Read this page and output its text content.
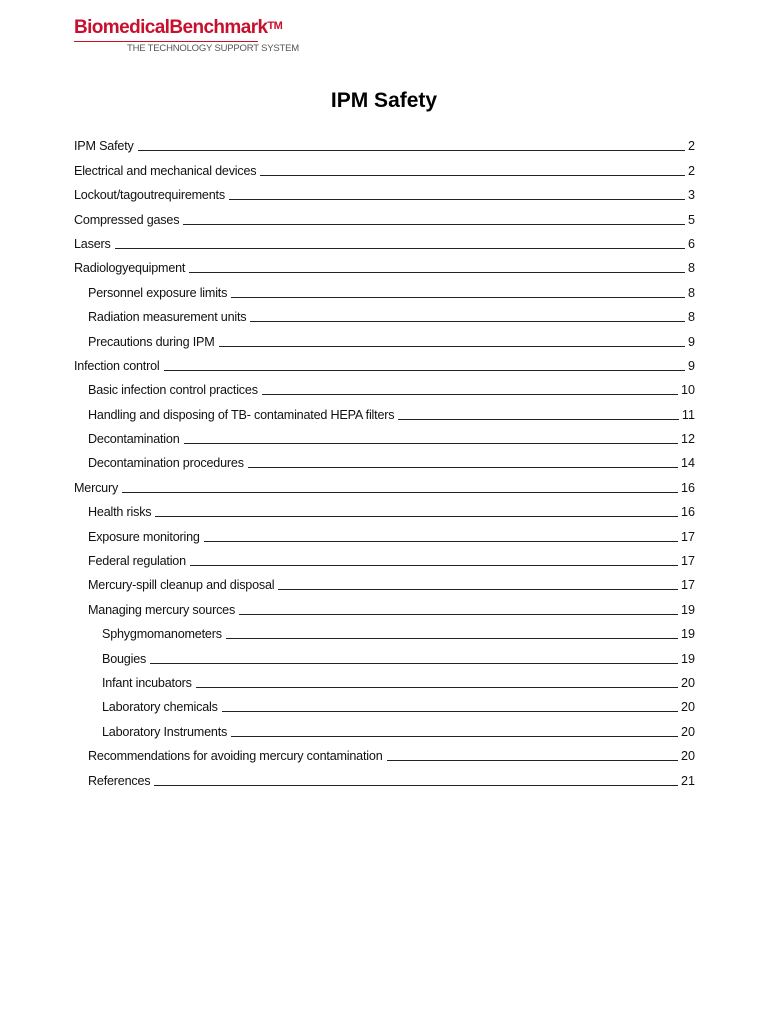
BiomedicalBenchmark™
THE TECHNOLOGY SUPPORT SYSTEM
IPM Safety
IPM Safety	2
Electrical and mechanical devices	2
Lockout/tagoutrequirements	3
Compressed gases	5
Lasers	6
Radiologyequipment	8
Personnel exposure limits	8
Radiation measurement units	8
Precautions during IPM	9
Infection control	9
Basic infection control practices	10
Handling and disposing of TB- contaminated HEPA filters	11
Decontamination	12
Decontamination procedures	14
Mercury	16
Health risks	16
Exposure monitoring	17
Federal regulation	17
Mercury-spill cleanup and disposal	17
Managing mercury sources	19
Sphygmomanometers	19
Bougies	19
Infant incubators	20
Laboratory chemicals	20
Laboratory Instruments	20
Recommendations for avoiding mercury contamination	20
References	21
